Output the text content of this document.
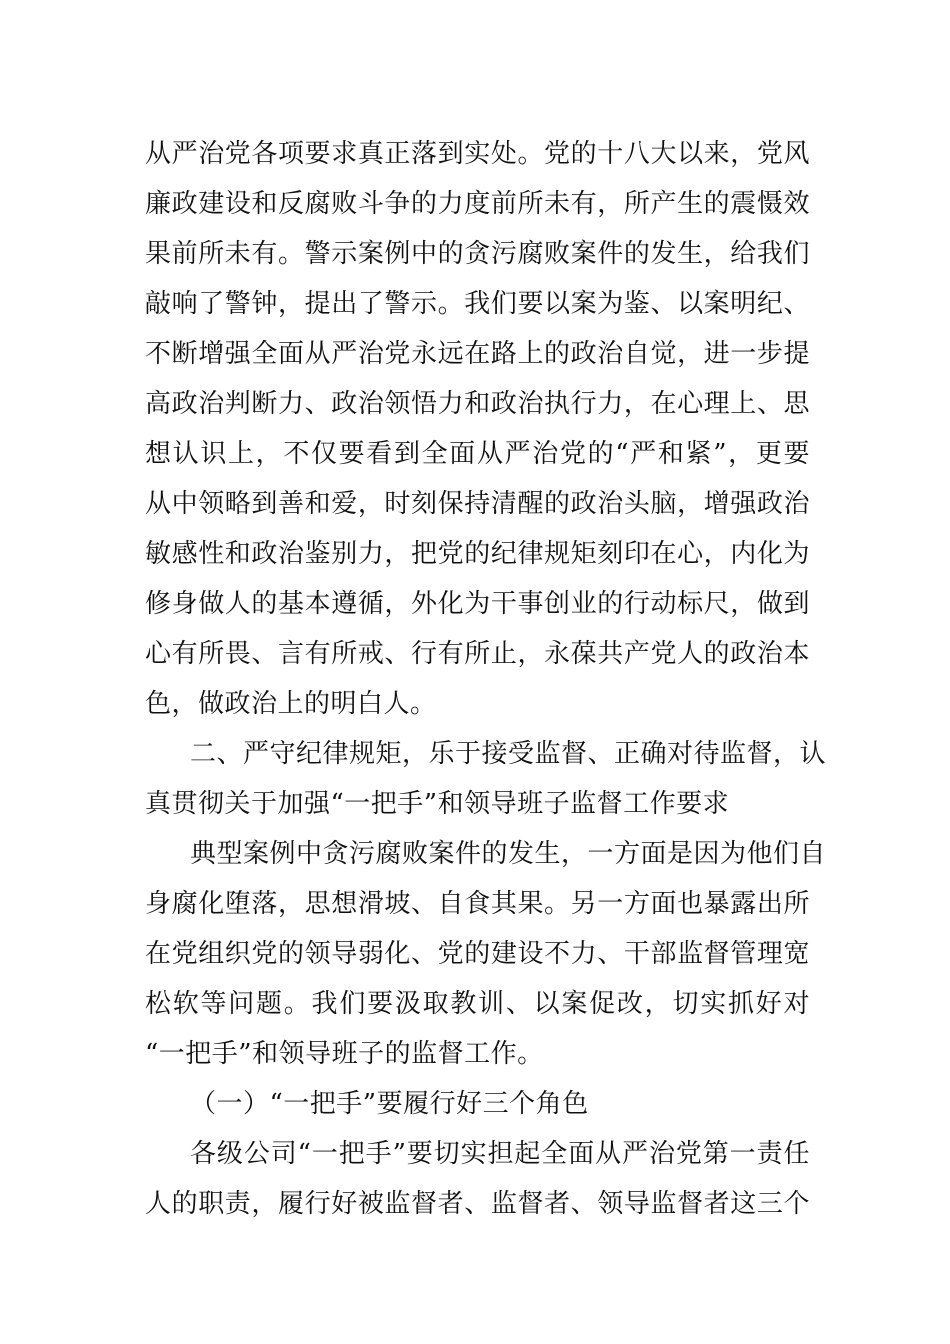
从严治党各项要求真正落到实处。党的十八大以来，党风
廉政建设和反腐败斗争的力度前所未有，所产生的震慑效
果前所未有。警示案例中的贪污腐败案件的发生，给我们
敲响了警钟，提出了警示。我们要以案为鉴、以案明纪、
不断增强全面从严治党永远在路上的政治自觉，进一步提
高政治判断力、政治领悟力和政治执行力，在心理上、思
想认识上，不仅要看到全面从严治党的“严和紧”，更要
从中领略到善和爱，时刻保持清醒的政治头脑，增强政治
敏感性和政治鉴别力，把党的纪律规矩刻印在心，内化为
修身做人的基本遵循，外化为干事创业的行动标尺，做到
心有所畏、言有所戒、行有所止，永葆共产党人的政治本
色，做政治上的明白人。
二、严守纪律规矩，乐于接受监督、正确对待监督，认
真贯彻关于加强“一把手”和领导班子监督工作要求
典型案例中贪污腐败案件的发生，一方面是因为他们自
身腐化堕落，思想滑坡、自食其果。另一方面也暴露出所
在党组织党的领导弱化、党的建设不力、干部监督管理宽
松软等问题。我们要汲取教训、以案促改，切实抓好对
“一把手”和领导班子的监督工作。
（一）“一把手”要履行好三个角色
各级公司“一把手”要切实担起全面从严治党第一责任
人的职责，履行好被监督者、监督者、领导监督者这三个
